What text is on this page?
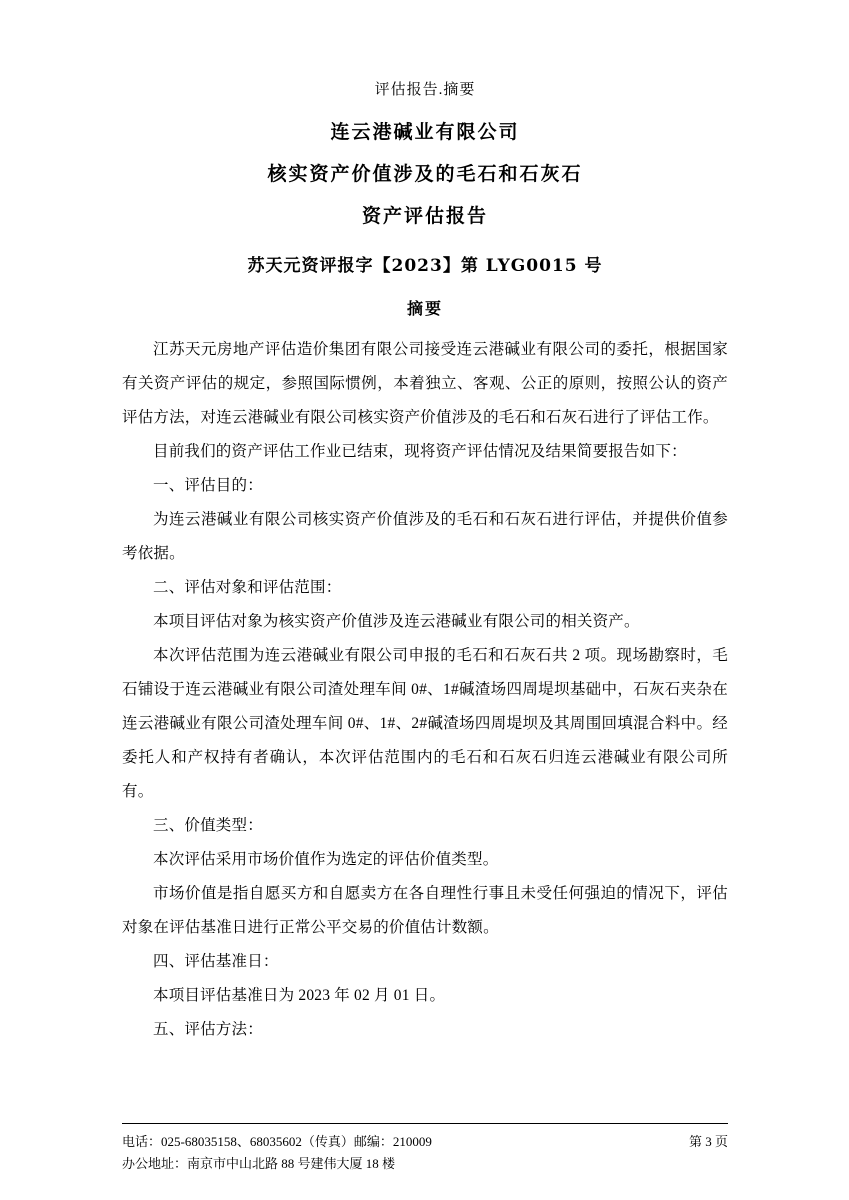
评估报告.摘要
连云港碱业有限公司
核实资产价值涉及的毛石和石灰石
资产评估报告
苏天元资评报字【2023】第 LYG0015 号
摘要

江苏天元房地产评估造价集团有限公司接受连云港碱业有限公司的委托，根据国家有关资产评估的规定，参照国际惯例，本着独立、客观、公正的原则，按照公认的资产评估方法，对连云港碱业有限公司核实资产价值涉及的毛石和石灰石进行了评估工作。

目前我们的资产评估工作业已结束，现将资产评估情况及结果简要报告如下：

一、评估目的：

为连云港碱业有限公司核实资产价值涉及的毛石和石灰石进行评估，并提供价值参考依据。

二、评估对象和评估范围：

本项目评估对象为核实资产价值涉及连云港碱业有限公司的相关资产。

本次评估范围为连云港碱业有限公司申报的毛石和石灰石共 2 项。现场勘察时，毛石铺设于连云港碱业有限公司渣处理车间 0#、1#碱渣场四周堤坝基础中，石灰石夹杂在连云港碱业有限公司渣处理车间 0#、1#、2#碱渣场四周堤坝及其周围回填混合料中。经委托人和产权持有者确认，本次评估范围内的毛石和石灰石归连云港碱业有限公司所有。

三、价值类型：

本次评估采用市场价值作为选定的评估价值类型。

市场价值是指自愿买方和自愿卖方在各自理性行事且未受任何强迫的情况下，评估对象在评估基准日进行正常公平交易的价值估计数额。

四、评估基准日：

本项目评估基准日为 2023 年 02 月 01 日。

五、评估方法：

电话：025-68035158、68035602（传真）邮编：210009	第 3 页
办公地址：南京市中山北路 88 号建伟大厦 18 楼
